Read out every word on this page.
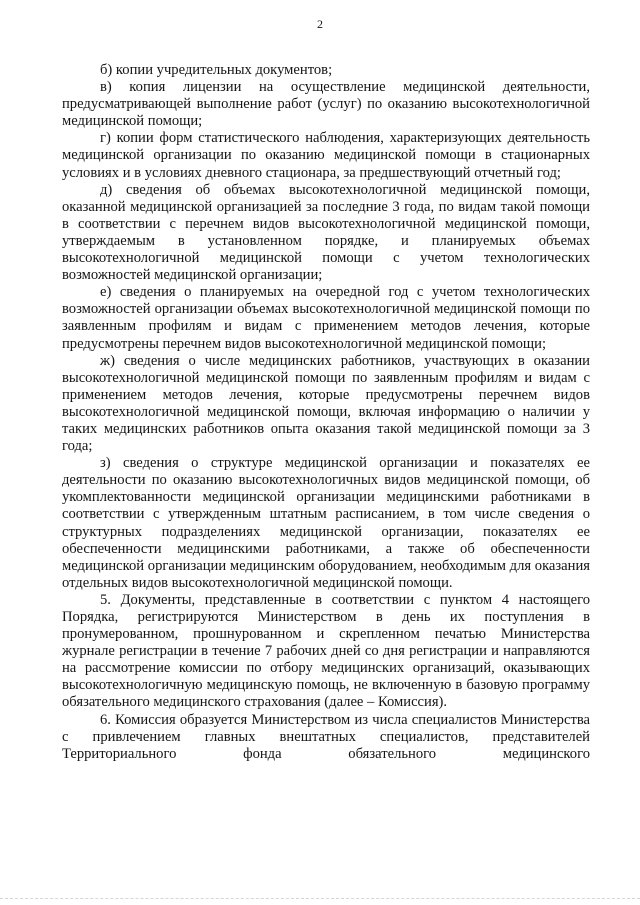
2

б) копии учредительных документов;

в) копия лицензии на осуществление медицинской деятельности, предусматривающей выполнение работ (услуг) по оказанию высокотехнологичной медицинской помощи;

г) копии форм статистического наблюдения, характеризующих деятельность медицинской организации по оказанию медицинской помощи в стационарных условиях и в условиях дневного стационара, за предшествующий отчетный год;

д) сведения об объемах высокотехнологичной медицинской помощи, оказанной медицинской организацией за последние 3 года, по видам такой помощи в соответствии с перечнем видов высокотехнологичной медицинской помощи, утверждаемым в установленном порядке, и планируемых объемах высокотехнологичной медицинской помощи с учетом технологических возможностей медицинской организации;

е) сведения о планируемых на очередной год с учетом технологических возможностей организации объемах высокотехнологичной медицинской помощи по заявленным профилям и видам с применением методов лечения, которые предусмотрены перечнем видов высокотехнологичной медицинской помощи;

ж) сведения о числе медицинских работников, участвующих в оказании высокотехнологичной медицинской помощи по заявленным профилям и видам с применением методов лечения, которые предусмотрены перечнем видов высокотехнологичной медицинской помощи, включая информацию о наличии у таких медицинских работников опыта оказания такой медицинской помощи за 3 года;

з) сведения о структуре медицинской организации и показателях ее деятельности по оказанию высокотехнологичных видов медицинской помощи, об укомплектованности медицинской организации медицинскими работниками в соответствии с утвержденным штатным расписанием, в том числе сведения о структурных подразделениях медицинской организации, показателях ее обеспеченности медицинскими работниками, а также об обеспеченности медицинской организации медицинским оборудованием, необходимым для оказания отдельных видов высокотехнологичной медицинской помощи.

5. Документы, представленные в соответствии с пунктом 4 настоящего Порядка, регистрируются Министерством в день их поступления в пронумерованном, прошнурованном и скрепленном печатью Министерства журнале регистрации в течение 7 рабочих дней со дня регистрации и направляются на рассмотрение комиссии по отбору медицинских организаций, оказывающих высокотехнологичную медицинскую помощь, не включенную в базовую программу обязательного медицинского страхования (далее – Комиссия).

6. Комиссия образуется Министерством из числа специалистов Министерства с привлечением главных внештатных специалистов, представителей Территориального фонда обязательного медицинского
